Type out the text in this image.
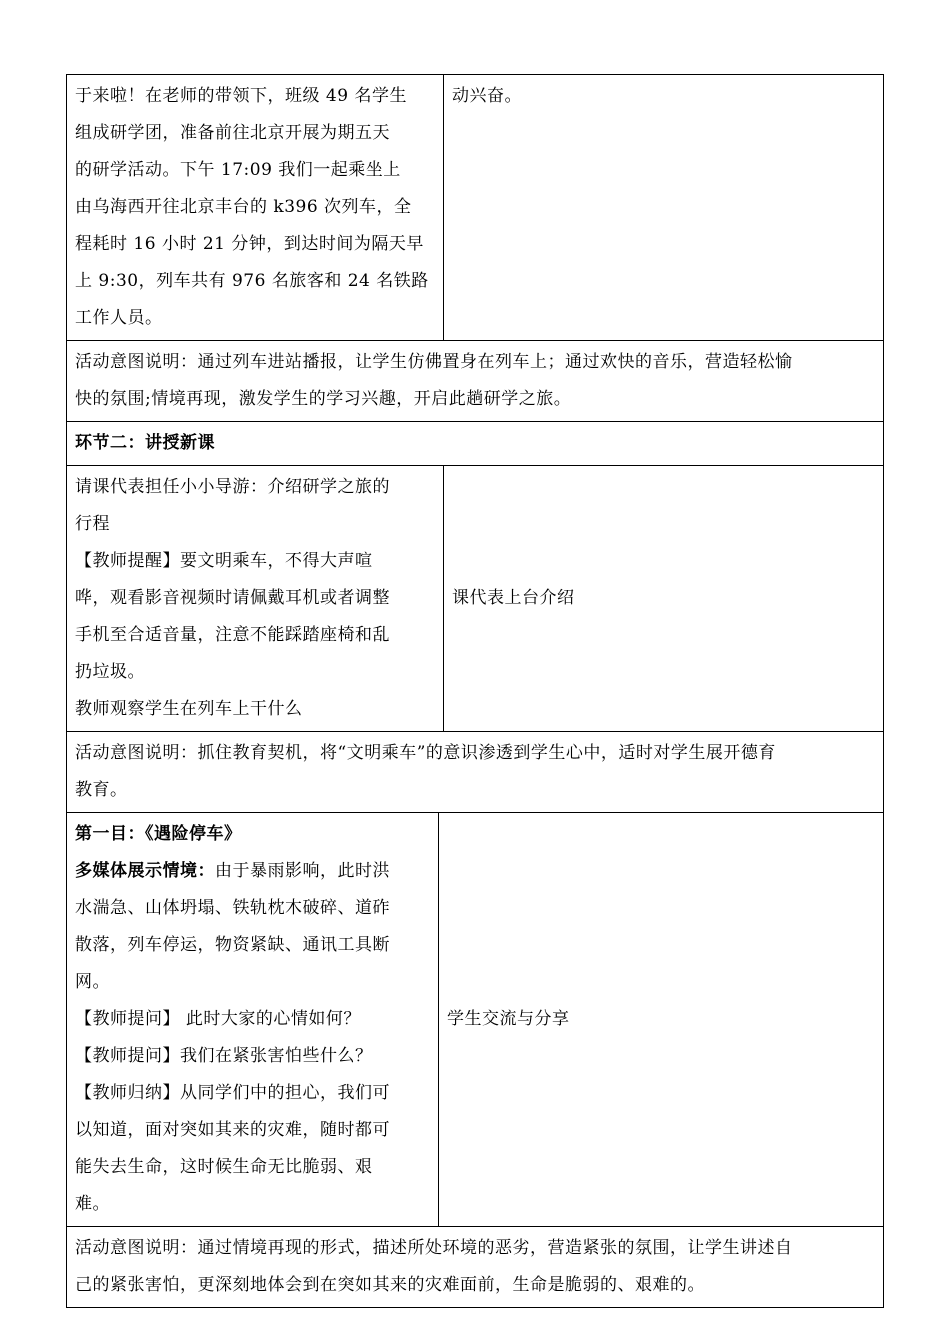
于来啦！在老师的带领下，班级 49 名学生

组成研学团，准备前往北京开展为期五天

的研学活动。下午 17:09 我们一起乘坐上

由乌海西开往北京丰台的 k396 次列车，全

程耗时 16 小时 21 分钟，到达时间为隔天早

上 9:30，列车共有 976 名旅客和 24 名铁路

工作人员。

动兴奋。

活动意图说明：通过列车进站播报，让学生仿佛置身在列车上；通过欢快的音乐，营造轻松愉

快的氛围;情境再现，激发学生的学习兴趣，开启此趟研学之旅。

环节二：讲授新课

请课代表担任小小导游：介绍研学之旅的

行程

【教师提醒】要文明乘车，不得大声喧

哗，观看影音视频时请佩戴耳机或者调整

手机至合适音量，注意不能踩踏座椅和乱

扔垃圾。

教师观察学生在列车上干什么

课代表上台介绍

活动意图说明：抓住教育契机，将“文明乘车”的意识渗透到学生心中，适时对学生展开德育

教育。

第一目：《遇险停车》

多媒体展示情境：由于暴雨影响，此时洪

水湍急、山体坍塌、铁轨枕木破碎、道砟

散落，列车停运，物资紧缺、通讯工具断

网。

【教师提问】 此时大家的心情如何？

【教师提问】我们在紧张害怕些什么？

【教师归纳】从同学们中的担心，我们可

以知道，面对突如其来的灾难，随时都可

能失去生命，这时候生命无比脆弱、艰

难。

学生交流与分享

活动意图说明：通过情境再现的形式，描述所处环境的恶劣，营造紧张的氛围，让学生讲述自

己的紧张害怕，更深刻地体会到在突如其来的灾难面前，生命是脆弱的、艰难的。
